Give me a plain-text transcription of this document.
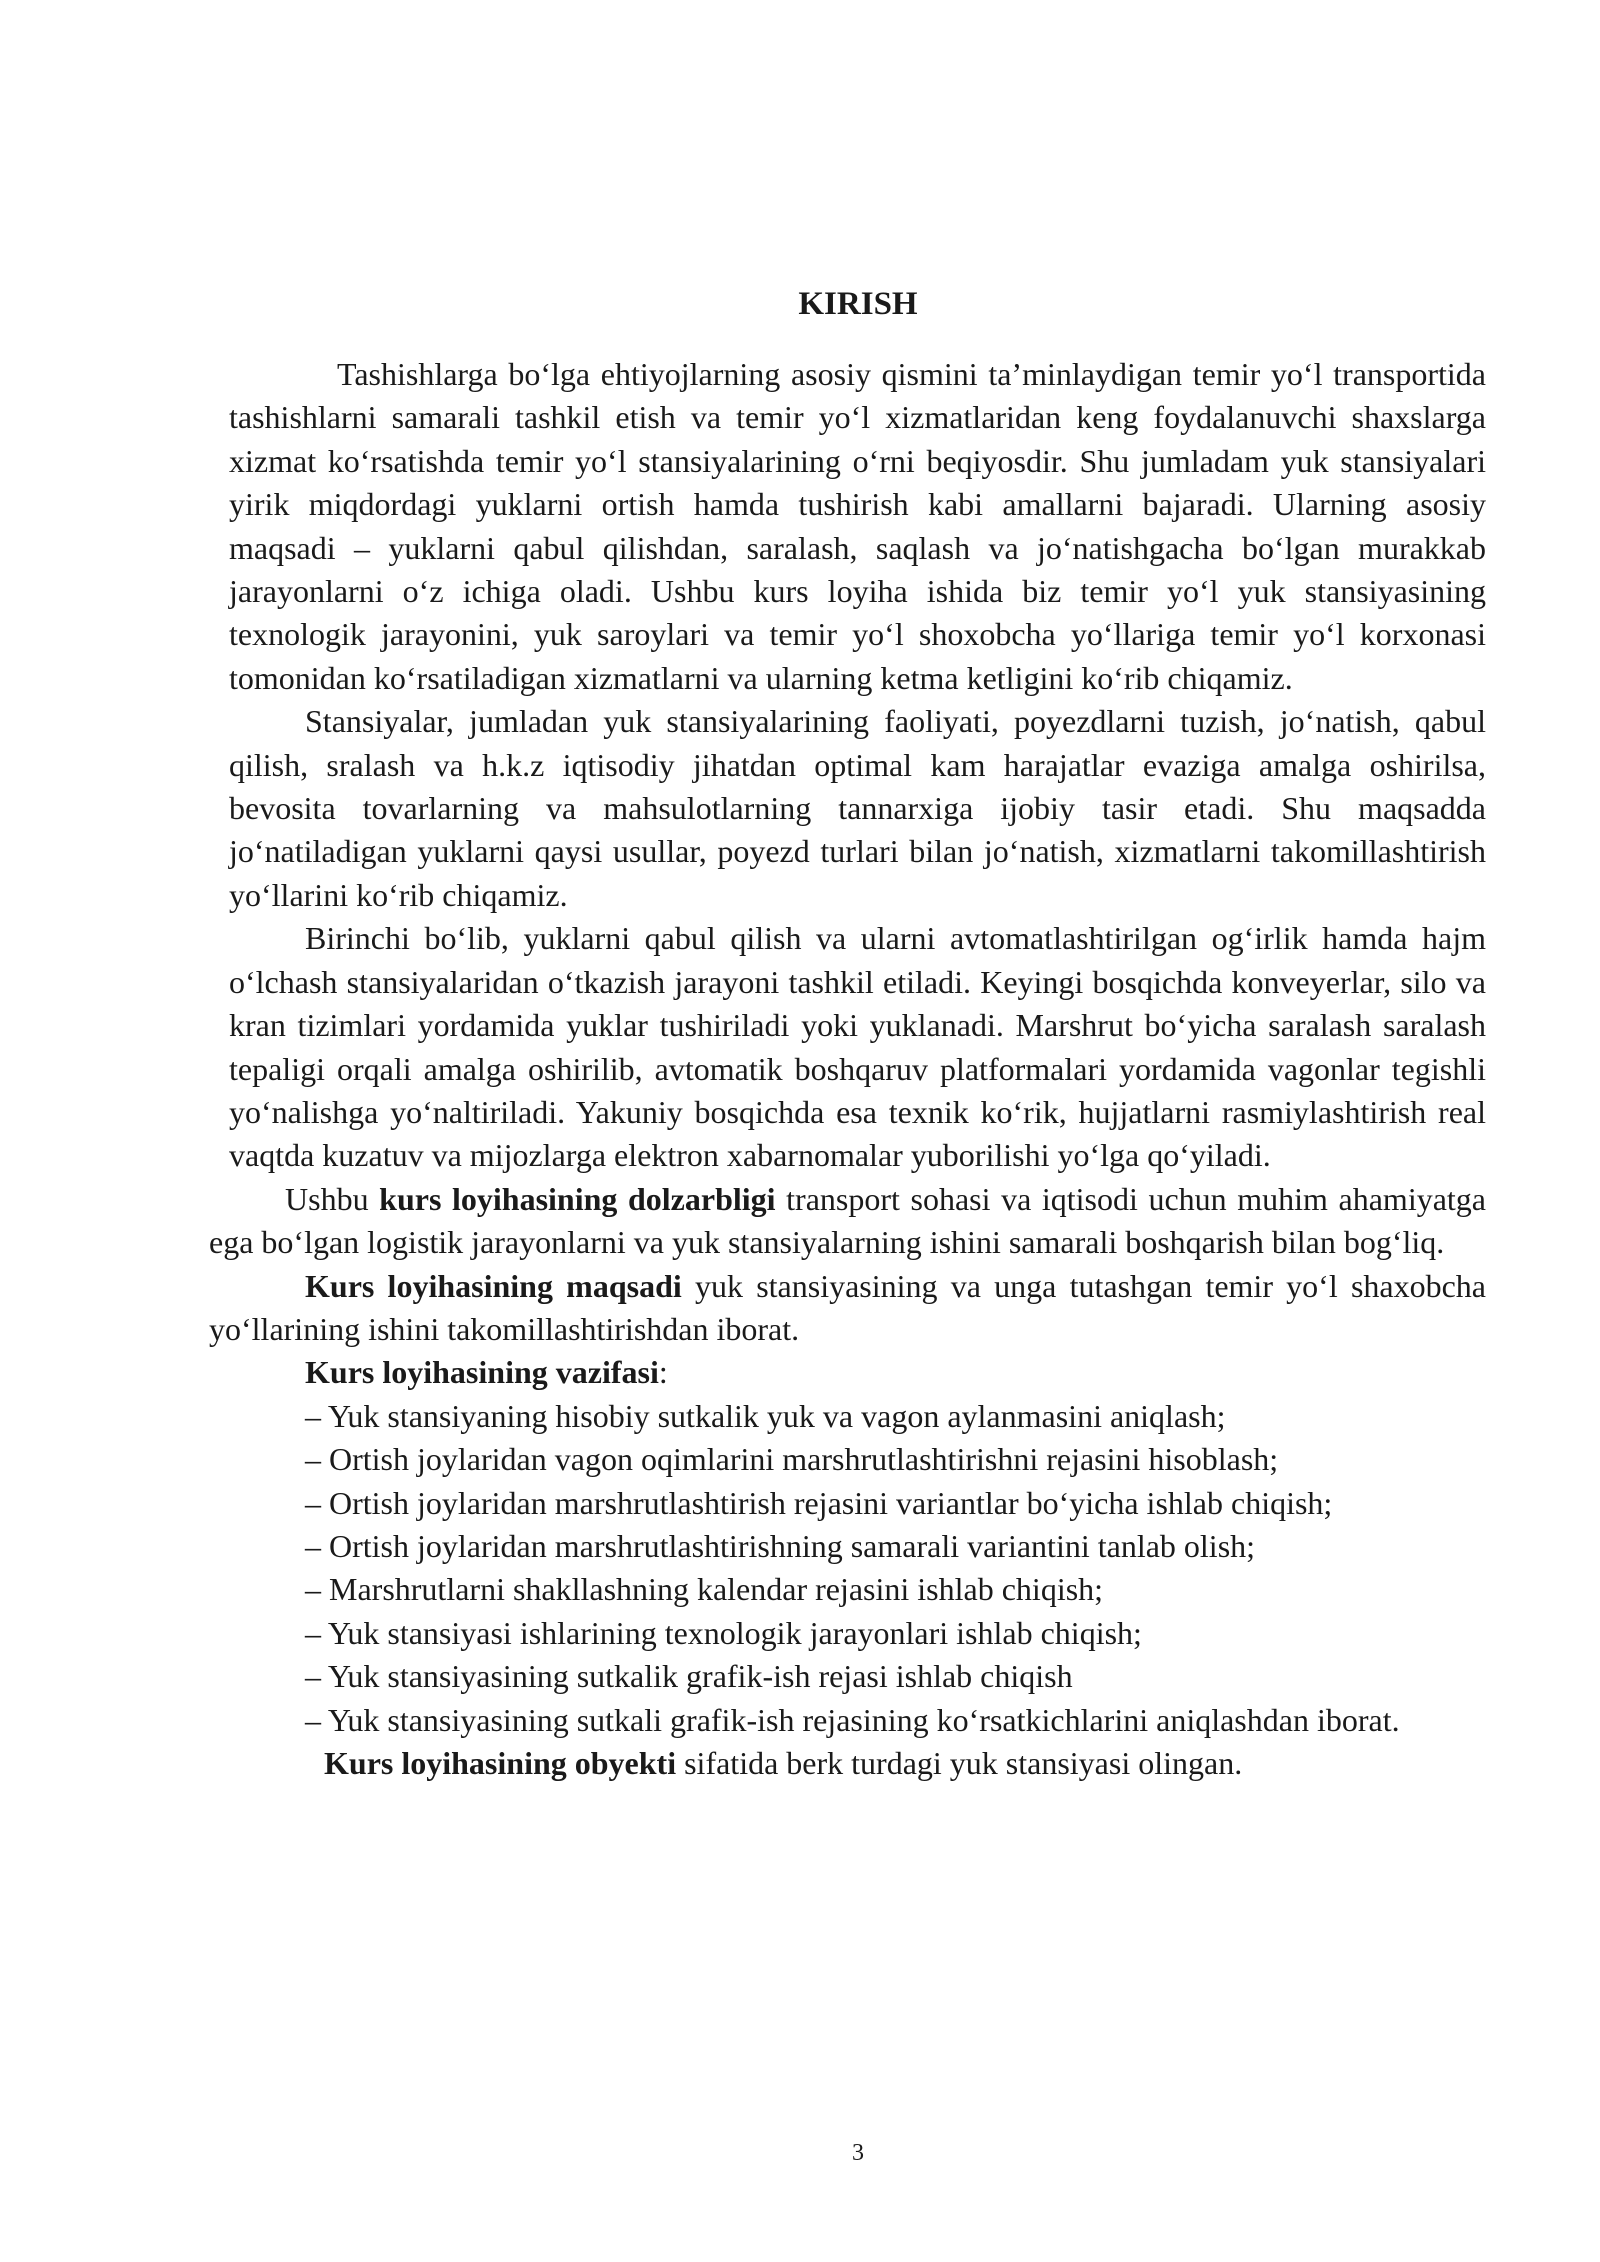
KIRISH

Tashishlarga bo‘lga ehtiyojlarning asosiy qismini ta’minlaydigan temir yo‘l transportida tashishlarni samarali tashkil etish va temir yo‘l xizmatlaridan keng foydalanuvchi shaxslarga xizmat ko‘rsatishda temir yo‘l stansiyalarining o‘rni beqiyosdir. Shu jumladam yuk stansiyalari yirik miqdordagi yuklarni ortish hamda tushirish kabi amallarni bajaradi. Ularning asosiy maqsadi – yuklarni qabul qilishdan, saralash, saqlash va jo‘natishgacha bo‘lgan murakkab jarayonlarni o‘z ichiga oladi. Ushbu kurs loyiha ishida biz temir yo‘l yuk stansiyasining texnologik jarayonini, yuk saroylari va temir yo‘l shoxobcha yo‘llariga temir yo‘l korxonasi tomonidan ko‘rsatiladigan xizmatlarni va ularning ketma ketligini ko‘rib chiqamiz.

Stansiyalar, jumladan yuk stansiyalarining faoliyati, poyezdlarni tuzish, jo‘natish, qabul qilish, sralash va h.k.z iqtisodiy jihatdan optimal kam harajatlar evaziga amalga oshirilsa, bevosita tovarlarning va mahsulotlarning tannarxiga ijobiy tasir etadi. Shu maqsadda jo‘natiladigan yuklarni qaysi usullar, poyezd turlari bilan jo‘natish, xizmatlarni takomillashtirish yo‘llarini ko‘rib chiqamiz.

Birinchi bo‘lib, yuklarni qabul qilish va ularni avtomatlashtirilgan og‘irlik hamda hajm o‘lchash stansiyalaridan o‘tkazish jarayoni tashkil etiladi. Keyingi bosqichda konveyerlar, silo va kran tizimlari yordamida yuklar tushiriladi yoki yuklanadi. Marshrut bo‘yicha saralash saralash tepaligi orqali amalga oshirilib, avtomatik boshqaruv platformalari yordamida vagonlar tegishli yo‘nalishga yo‘naltiriladi. Yakuniy bosqichda esa texnik ko‘rik, hujjatlarni rasmiylashtirish real vaqtda kuzatuv va mijozlarga elektron xabarnomalar yuborilishi yo‘lga qo‘yiladi.

Ushbu kurs loyihasining dolzarbligi transport sohasi va iqtisodi uchun muhim ahamiyatga ega bo‘lgan logistik jarayonlarni va yuk stansiyalarning ishini samarali boshqarish bilan bog‘liq.

Kurs loyihasining maqsadi yuk stansiyasining va unga tutashgan temir yo‘l shaxobcha yo‘llarining ishini takomillashtirishdan iborat.

Kurs loyihasining vazifasi:

– Yuk stansiyaning hisobiy sutkalik yuk va vagon aylanmasini aniqlash;

– Ortish joylaridan vagon oqimlarini marshrutlashtirishni rejasini hisoblash;

– Ortish joylaridan marshrutlashtirish rejasini variantlar bo‘yicha ishlab chiqish;

– Ortish joylaridan marshrutlashtirishning samarali variantini tanlab olish;

– Marshrutlarni shakllashning kalendar rejasini ishlab chiqish;

– Yuk stansiyasi ishlarining texnologik jarayonlari ishlab chiqish;

– Yuk stansiyasining sutkalik grafik-ish rejasi ishlab chiqish

– Yuk stansiyasining sutkali grafik-ish rejasining ko‘rsatkichlarini aniqlashdan iborat.

Kurs loyihasining obyekti sifatida berk turdagi yuk stansiyasi olingan.

3
